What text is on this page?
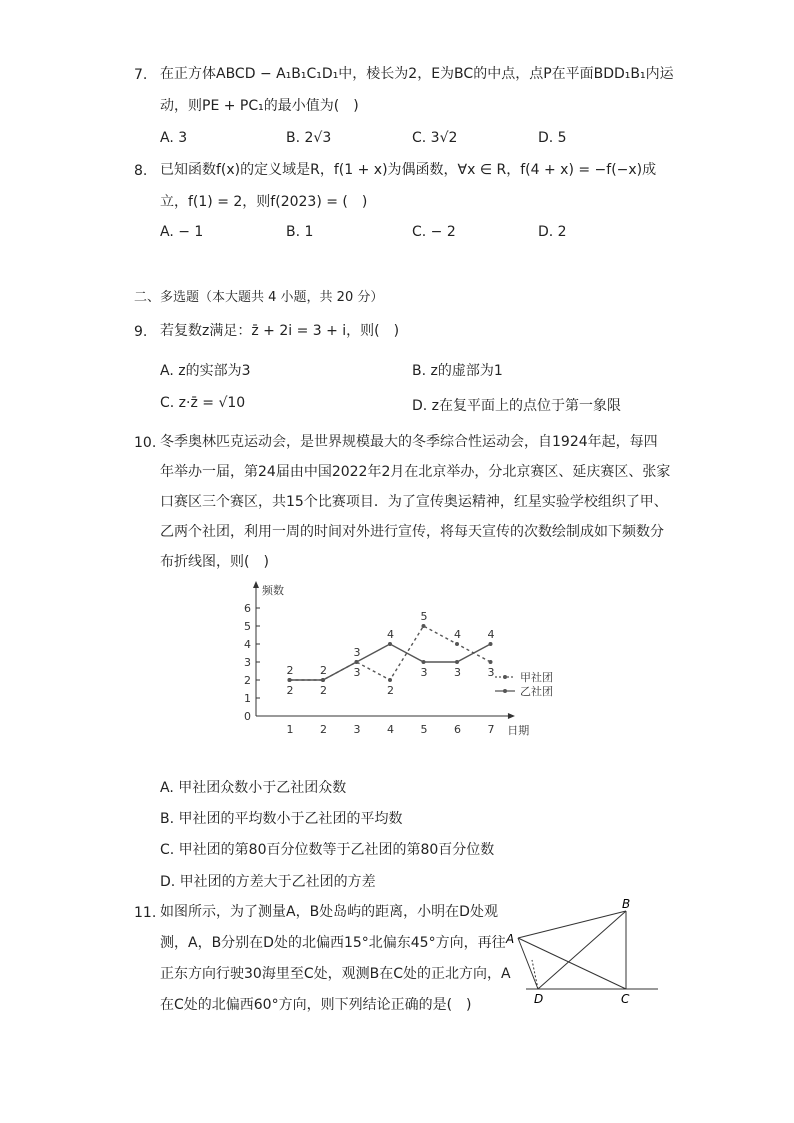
7. 在正方体ABCD − A₁B₁C₁D₁中，棱长为2，E为BC的中点，点P在平面BDD₁B₁内运
动，则PE + PC₁的最小值为(　)
A. 3	B. 2√3	C. 3√2	D. 5
8. 已知函数f(x)的定义域是R，f(1 + x)为偶函数，∀x ∈ R，f(4 + x) = −f(−x)成
立，f(1) = 2，则f(2023) = (　)
A. − 1	B. 1	C. − 2	D. 2
二、多选题（本大题共 4 小题，共 20 分）
9. 若复数z满足：z̄ + 2i = 3 + i，则(　)
A. z的实部为3	B. z的虚部为1
C. z·z̄ = √10	D. z在复平面上的点位于第一象限
10. 冬季奥林匹克运动会，是世界规模最大的冬季综合性运动会，自1924年起，每四
年举办一届，第24届由中国2022年2月在北京举办，分北京赛区、延庆赛区、张家
口赛区三个赛区，共15个比赛项目．为了宣传奥运精神，红星实验学校组织了甲、
乙两个社团，利用一周的时间对外进行宣传，将每天宣传的次数绘制成如下频数分
布折线图，则(　)
0
1
2
3
4
5
6
1 2 3 4 5 6 7
频数
日期
2 2
3
2
5
4
3
2 2
3
4
3 3
4
甲社团
乙社团
A. 甲社团众数小于乙社团众数
B. 甲社团的平均数小于乙社团的平均数
C. 甲社团的第80百分位数等于乙社团的第80百分位数
D. 甲社团的方差大于乙社团的方差
11. 如图所示，为了测量A，B处岛屿的距离，小明在D处观
测，A，B分别在D处的北偏西15°北偏东45°方向，再往
正东方向行驶30海里至C处，观测B在C处的正北方向，A
在C处的北偏西60°方向，则下列结论正确的是(　)
A
B
C
D
